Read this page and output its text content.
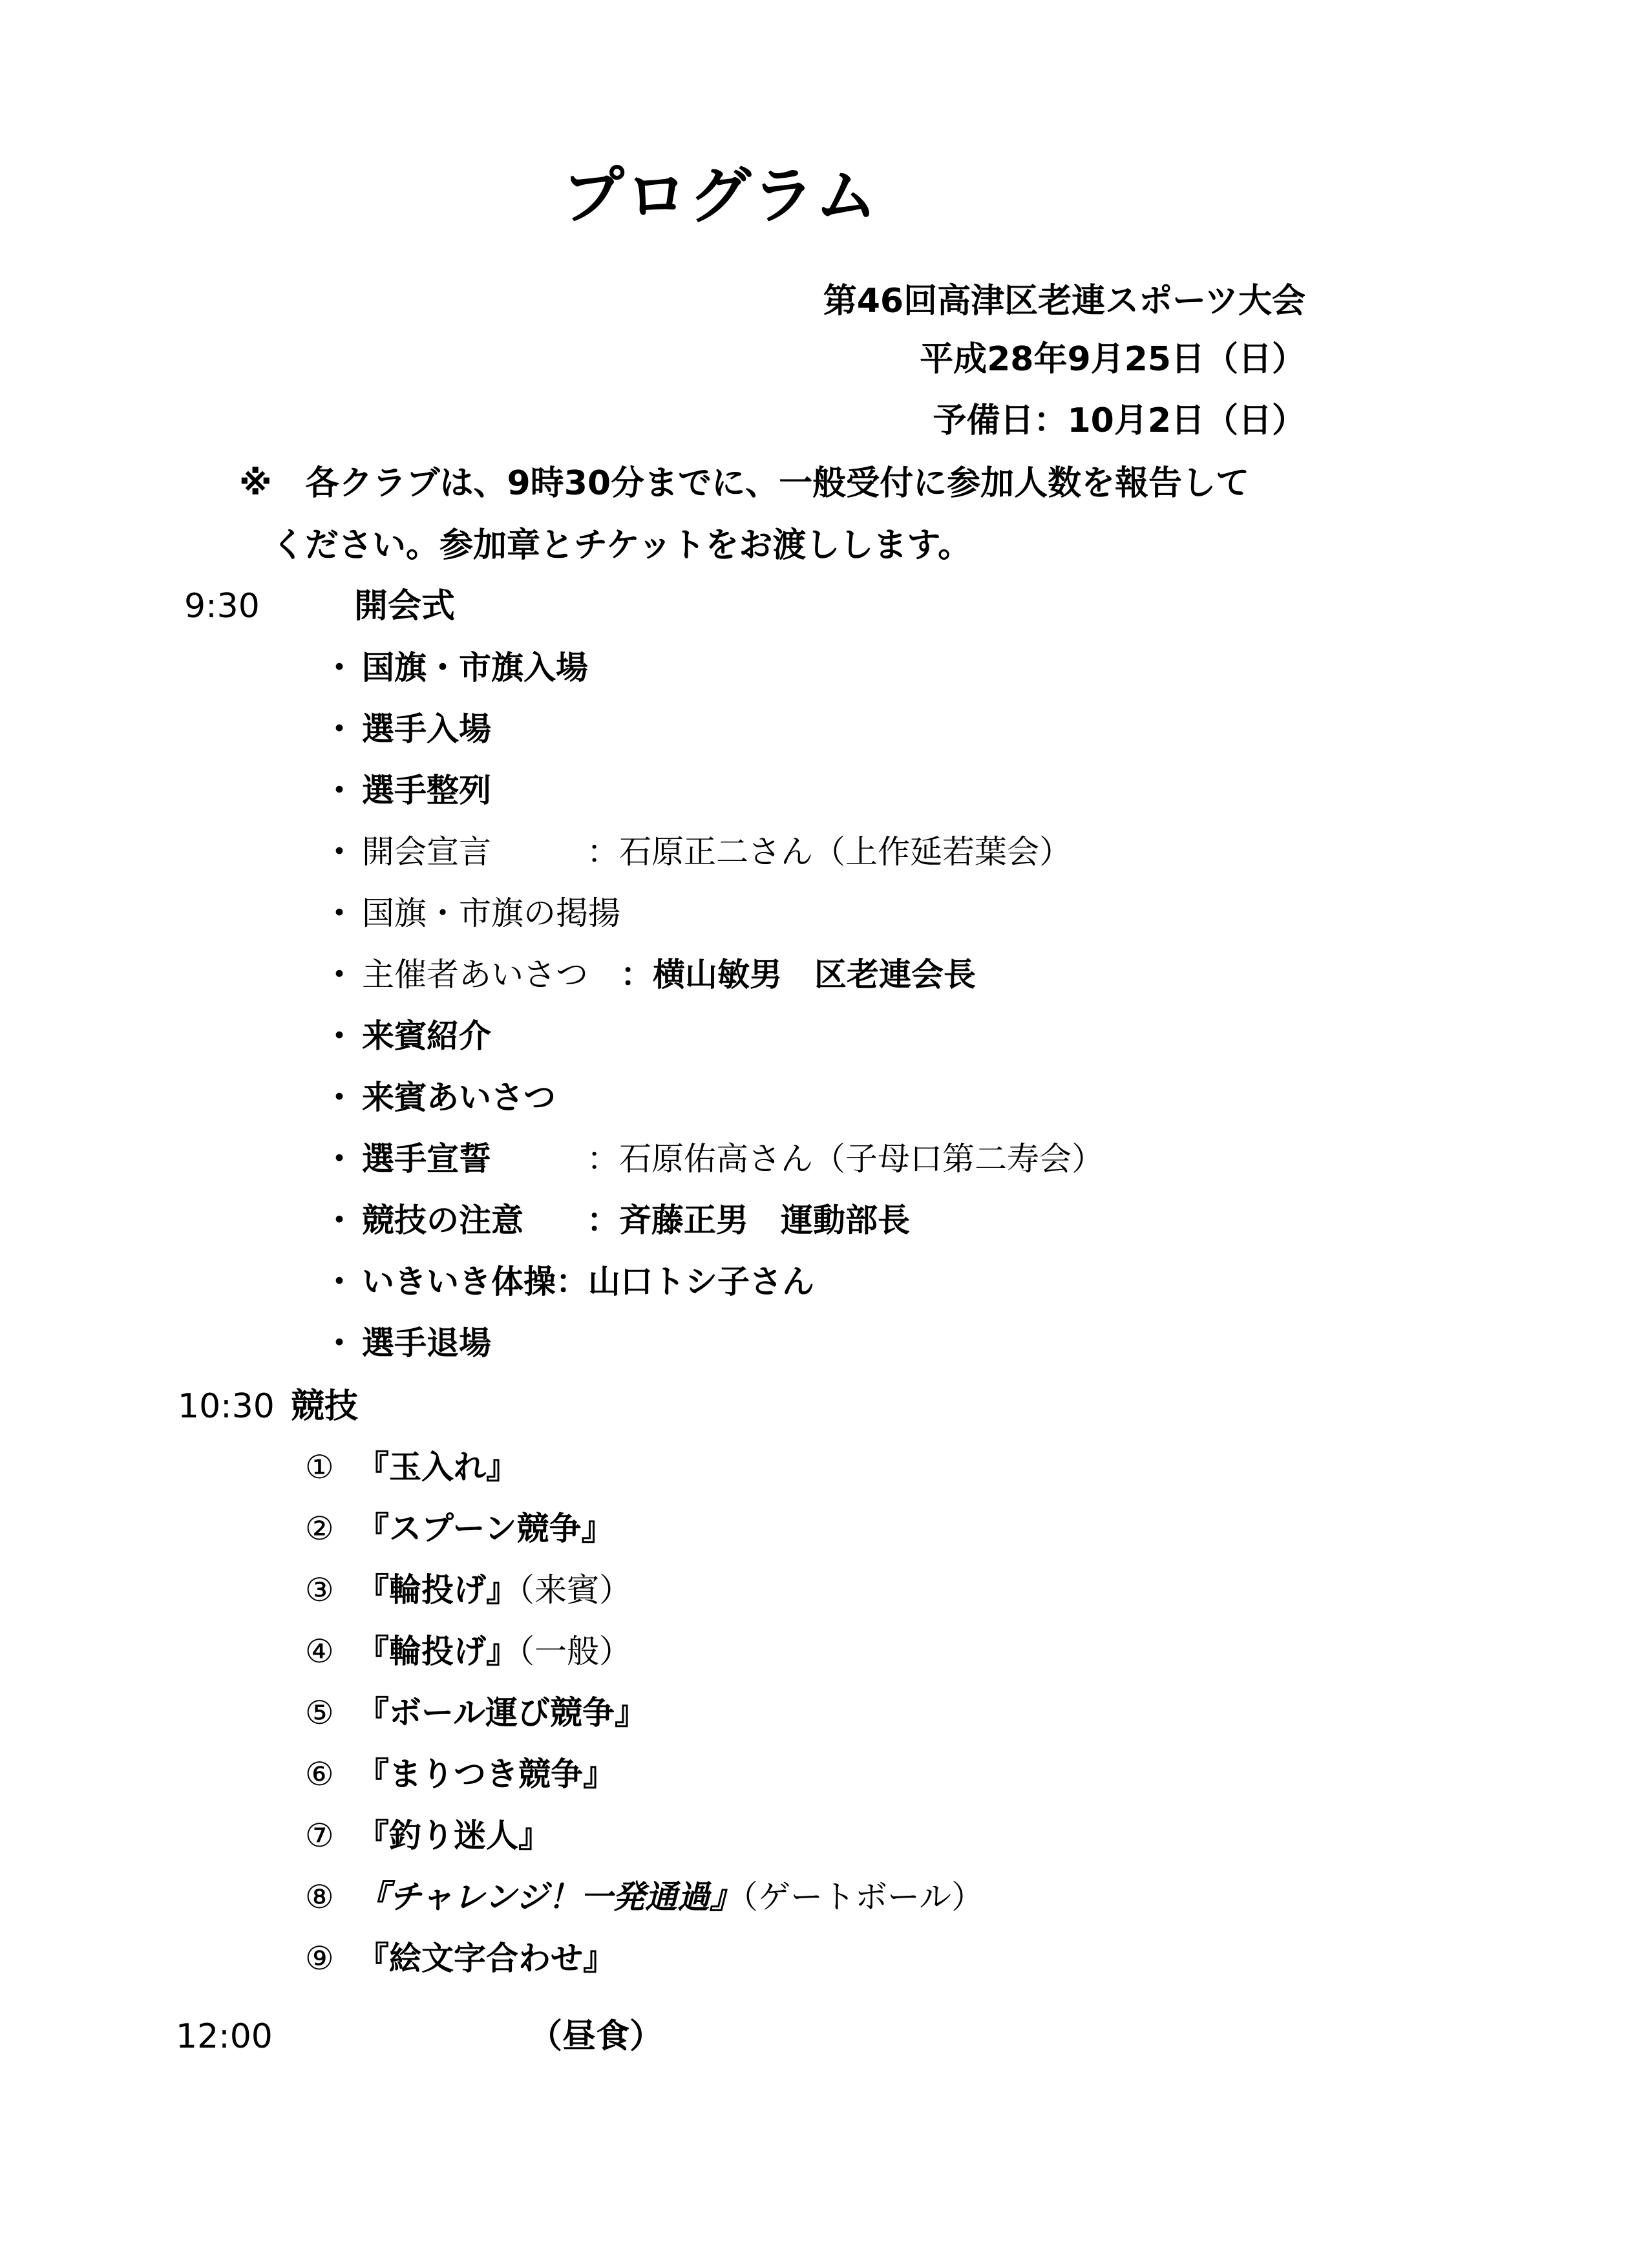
プログラム
第46回高津区老連スポーツ大会
平成28年9月25日（日）
予備日：10月2日（日）
※　各クラブは、9時30分までに、一般受付に参加人数を報告して
ください。参加章とチケットをお渡しします。
9:30	開会式
・ 国旗・市旗入場
・ 選手入場
・ 選手整列
・ 開会宣言	：石原正二さん（上作延若葉会）
・ 国旗・市旗の掲揚
・ 主催者あいさつ ：横山敏男　区老連会長
・ 来賓紹介
・ 来賓あいさつ
・ 選手宣誓	：石原佑高さん（子母口第二寿会）
・ 競技の注意 ：斉藤正男　運動部長
・ いきいき体操：山口トシ子さん
・ 選手退場
10:30 競技
① 『玉入れ』
② 『スプーン競争』
③ 『輪投げ』（来賓）
④ 『輪投げ』（一般）
⑤ 『ボール運び競争』
⑥ 『まりつき競争』
⑦ 『釣り迷人』
⑧ 『チャレンジ！一発通過』（ゲートボール）
⑨ 『絵文字合わせ』
12:00	（昼食）
